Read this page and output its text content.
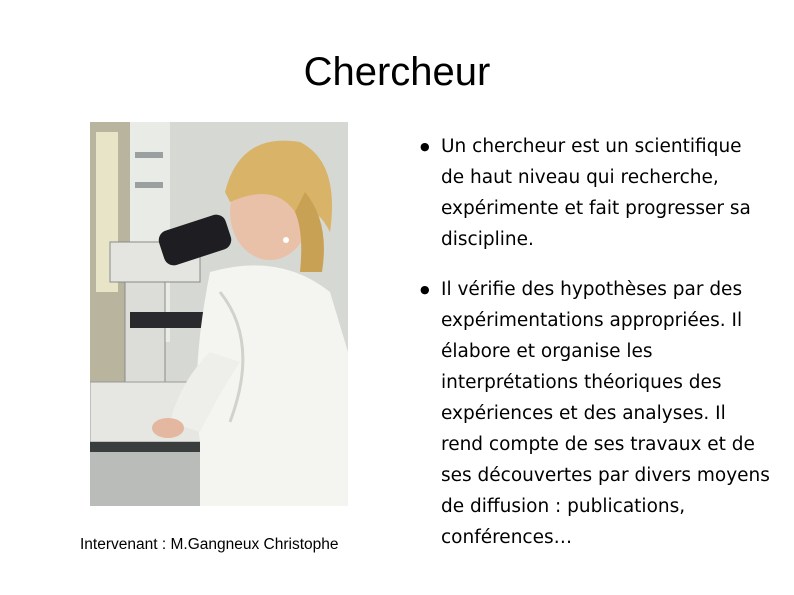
Chercheur
Intervenant : M.Gangneux Christophe
● Un chercheur est un scientifique de haut niveau qui recherche, expérimente et fait progresser sa discipline.
● Il vérifie des hypothèses par des expérimentations appropriées. Il élabore et organise les interprétations théoriques des expériences et des analyses. Il rend compte de ses travaux et de ses découvertes par divers moyens de diffusion : publications, conférences…
